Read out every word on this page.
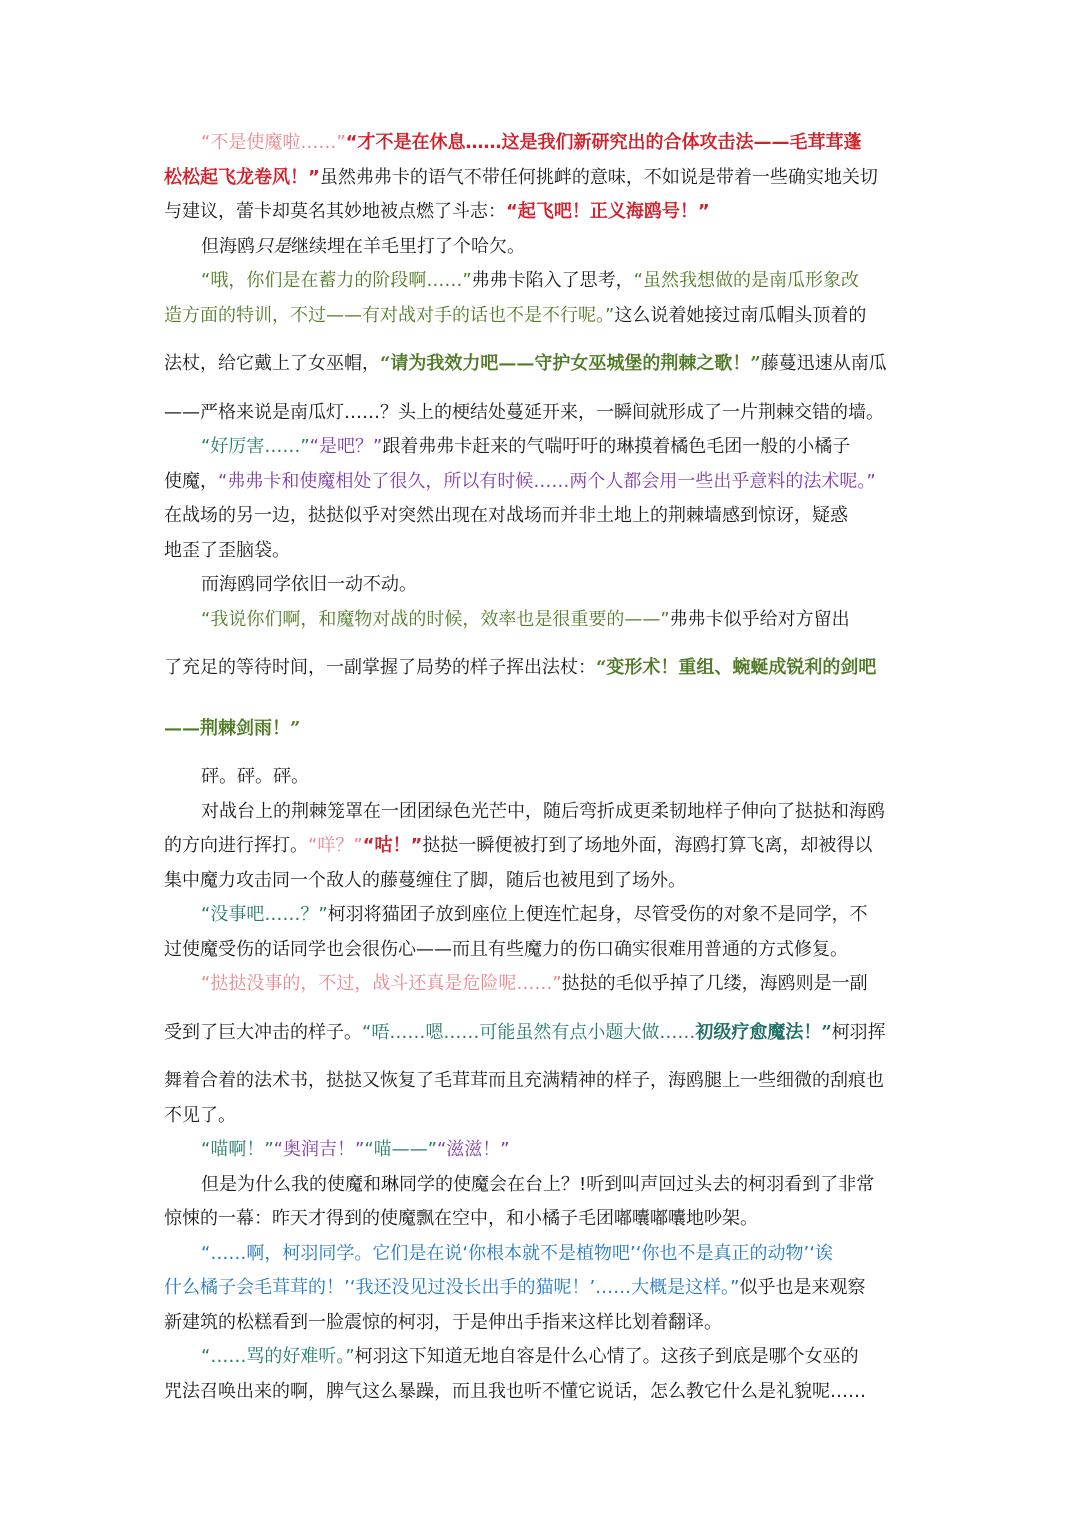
“不是使魔啦……”“才不是在休息……这是我们新研究出的合体攻击法——毛茸茸蓬
松松起飞龙卷风！”虽然弗弗卡的语气不带任何挑衅的意味，不如说是带着一些确实地关切
与建议，蕾卡却莫名其妙地被点燃了斗志：“起飞吧！正义海鸥号！”
但海鸥只是继续埋在羊毛里打了个哈欠。
“哦，你们是在蓄力的阶段啊……”弗弗卡陷入了思考，“虽然我想做的是南瓜形象改
造方面的特训，不过——有对战对手的话也不是不行呢。”这么说着她接过南瓜帽头顶着的
法杖，给它戴上了女巫帽，“请为我效力吧——守护女巫城堡的荆棘之歌！”藤蔓迅速从南瓜
——严格来说是南瓜灯……？头上的梗结处蔓延开来，一瞬间就形成了一片荆棘交错的墙。
“好厉害……”“是吧？”跟着弗弗卡赶来的气喘吁吁的琳摸着橘色毛团一般的小橘子
使魔，“弗弗卡和使魔相处了很久，所以有时候……两个人都会用一些出乎意料的法术呢。”
在战场的另一边，挞挞似乎对突然出现在对战场而并非土地上的荆棘墙感到惊讶，疑惑
地歪了歪脑袋。
而海鸥同学依旧一动不动。
“我说你们啊，和魔物对战的时候，效率也是很重要的——”弗弗卡似乎给对方留出
了充足的等待时间，一副掌握了局势的样子挥出法杖：“变形术！重组、蜿蜒成锐利的剑吧
——荆棘剑雨！”
砰。砰。砰。
对战台上的荆棘笼罩在一团团绿色光芒中，随后弯折成更柔韧地样子伸向了挞挞和海鸥
的方向进行挥打。“咩？”“咕！”挞挞一瞬便被打到了场地外面，海鸥打算飞离，却被得以
集中魔力攻击同一个敌人的藤蔓缠住了脚，随后也被甩到了场外。
“没事吧……？”柯羽将猫团子放到座位上便连忙起身，尽管受伤的对象不是同学，不
过使魔受伤的话同学也会很伤心——而且有些魔力的伤口确实很难用普通的方式修复。
“挞挞没事的，不过，战斗还真是危险呢……”挞挞的毛似乎掉了几缕，海鸥则是一副
受到了巨大冲击的样子。“唔……嗯……可能虽然有点小题大做……初级疗愈魔法！”柯羽挥
舞着合着的法术书，挞挞又恢复了毛茸茸而且充满精神的样子，海鸥腿上一些细微的刮痕也
不见了。
“喵啊！”“奥润吉！”“喵——”“滋滋！”
但是为什么我的使魔和琳同学的使魔会在台上？!听到叫声回过头去的柯羽看到了非常
惊悚的一幕：昨天才得到的使魔飘在空中，和小橘子毛团嘟囔嘟囔地吵架。
“……啊，柯羽同学。它们是在说‘你根本就不是植物吧’‘你也不是真正的动物’‘诶
什么橘子会毛茸茸的！’‘我还没见过没长出手的猫呢！’……大概是这样。”似乎也是来观察
新建筑的松糕看到一脸震惊的柯羽，于是伸出手指来这样比划着翻译。
“……骂的好难听。”柯羽这下知道无地自容是什么心情了。这孩子到底是哪个女巫的
咒法召唤出来的啊，脾气这么暴躁，而且我也听不懂它说话，怎么教它什么是礼貌呢……
